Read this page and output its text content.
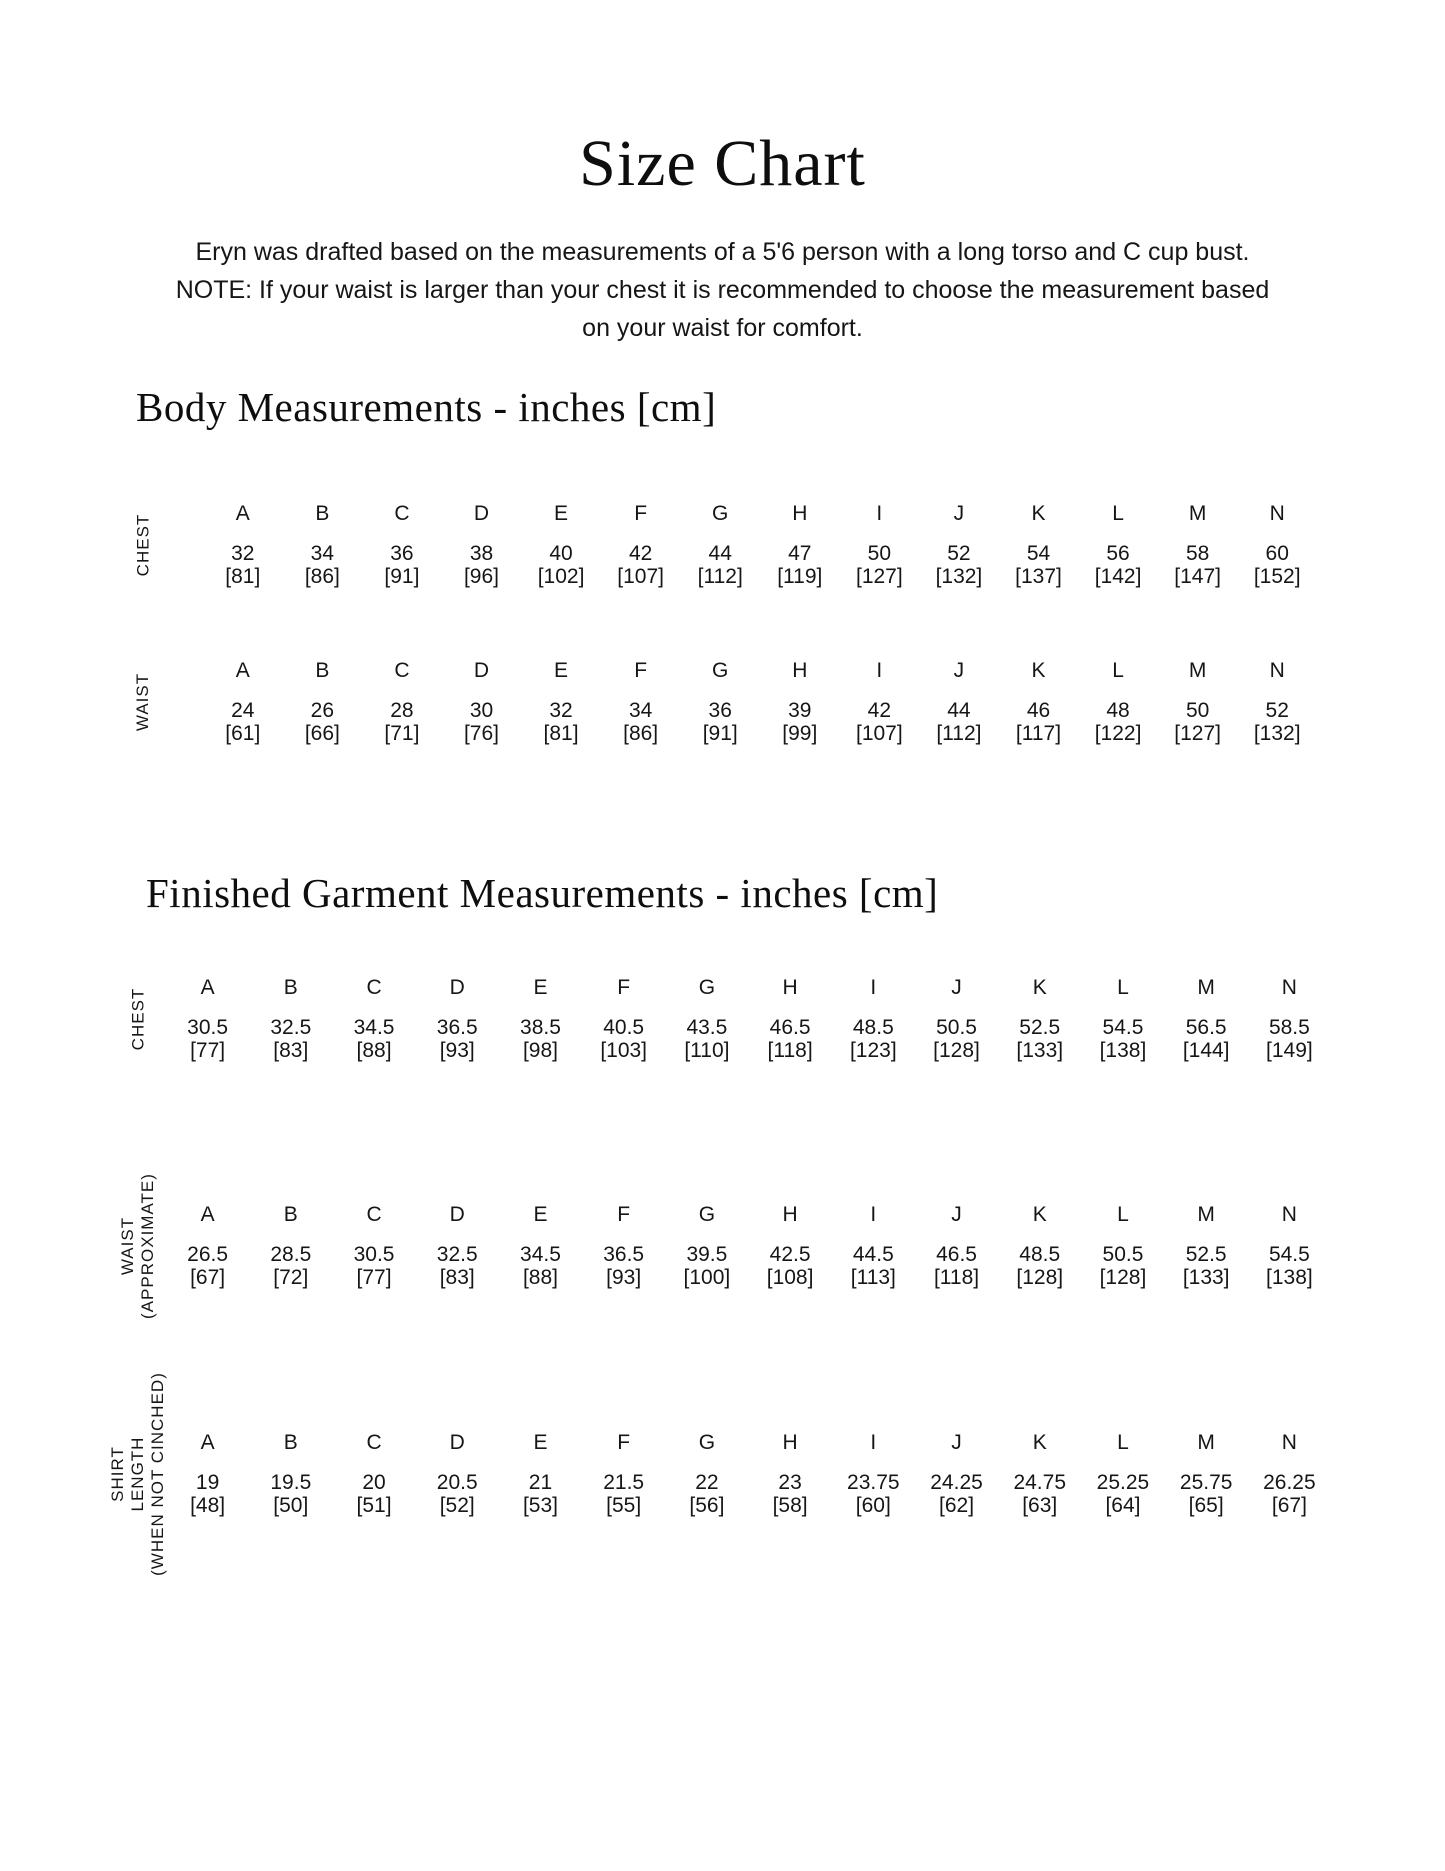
Size Chart
Eryn was drafted based on the measurements of a 5'6 person with a long torso and C cup bust.
NOTE: If your waist is larger than your chest it is recommended to choose the measurement based
on your waist for comfort.
Body Measurements - inches [cm]
CHEST
A
32
[81]
B
34
[86]
C
36
[91]
D
38
[96]
E
40
[102]
F
42
[107]
G
44
[112]
H
47
[119]
I
50
[127]
J
52
[132]
K
54
[137]
L
56
[142]
M
58
[147]
N
60
[152]
WAIST
A
24
[61]
B
26
[66]
C
28
[71]
D
30
[76]
E
32
[81]
F
34
[86]
G
36
[91]
H
39
[99]
I
42
[107]
J
44
[112]
K
46
[117]
L
48
[122]
M
50
[127]
N
52
[132]
Finished Garment Measurements - inches [cm]
CHEST
A
30.5
[77]
B
32.5
[83]
C
34.5
[88]
D
36.5
[93]
E
38.5
[98]
F
40.5
[103]
G
43.5
[110]
H
46.5
[118]
I
48.5
[123]
J
50.5
[128]
K
52.5
[133]
L
54.5
[138]
M
56.5
[144]
N
58.5
[149]
WAIST (APPROXIMATE)	A
26.5
[67]
B
28.5
[72]
C
30.5
[77]
D
32.5
[83]
E
34.5
[88]
F
36.5
[93]
G
39.5
[100]
H
42.5
[108]
I
44.5
[113]
J
46.5
[118]
K
48.5
[128]
L
50.5
[128]
M
52.5
[133]
N
54.5
[138]
SHIRT LENGTH (WHEN NOT CINCHED)	A
19
[48]
B
19.5
[50]
C
20
[51]
D
20.5
[52]
E
21
[53]
F
21.5
[55]
G
22
[56]
H
23
[58]
I
23.75
[60]
J
24.25
[62]
K
24.75
[63]
L
25.25
[64]
M
25.75
[65]
N
26.25
[67]
